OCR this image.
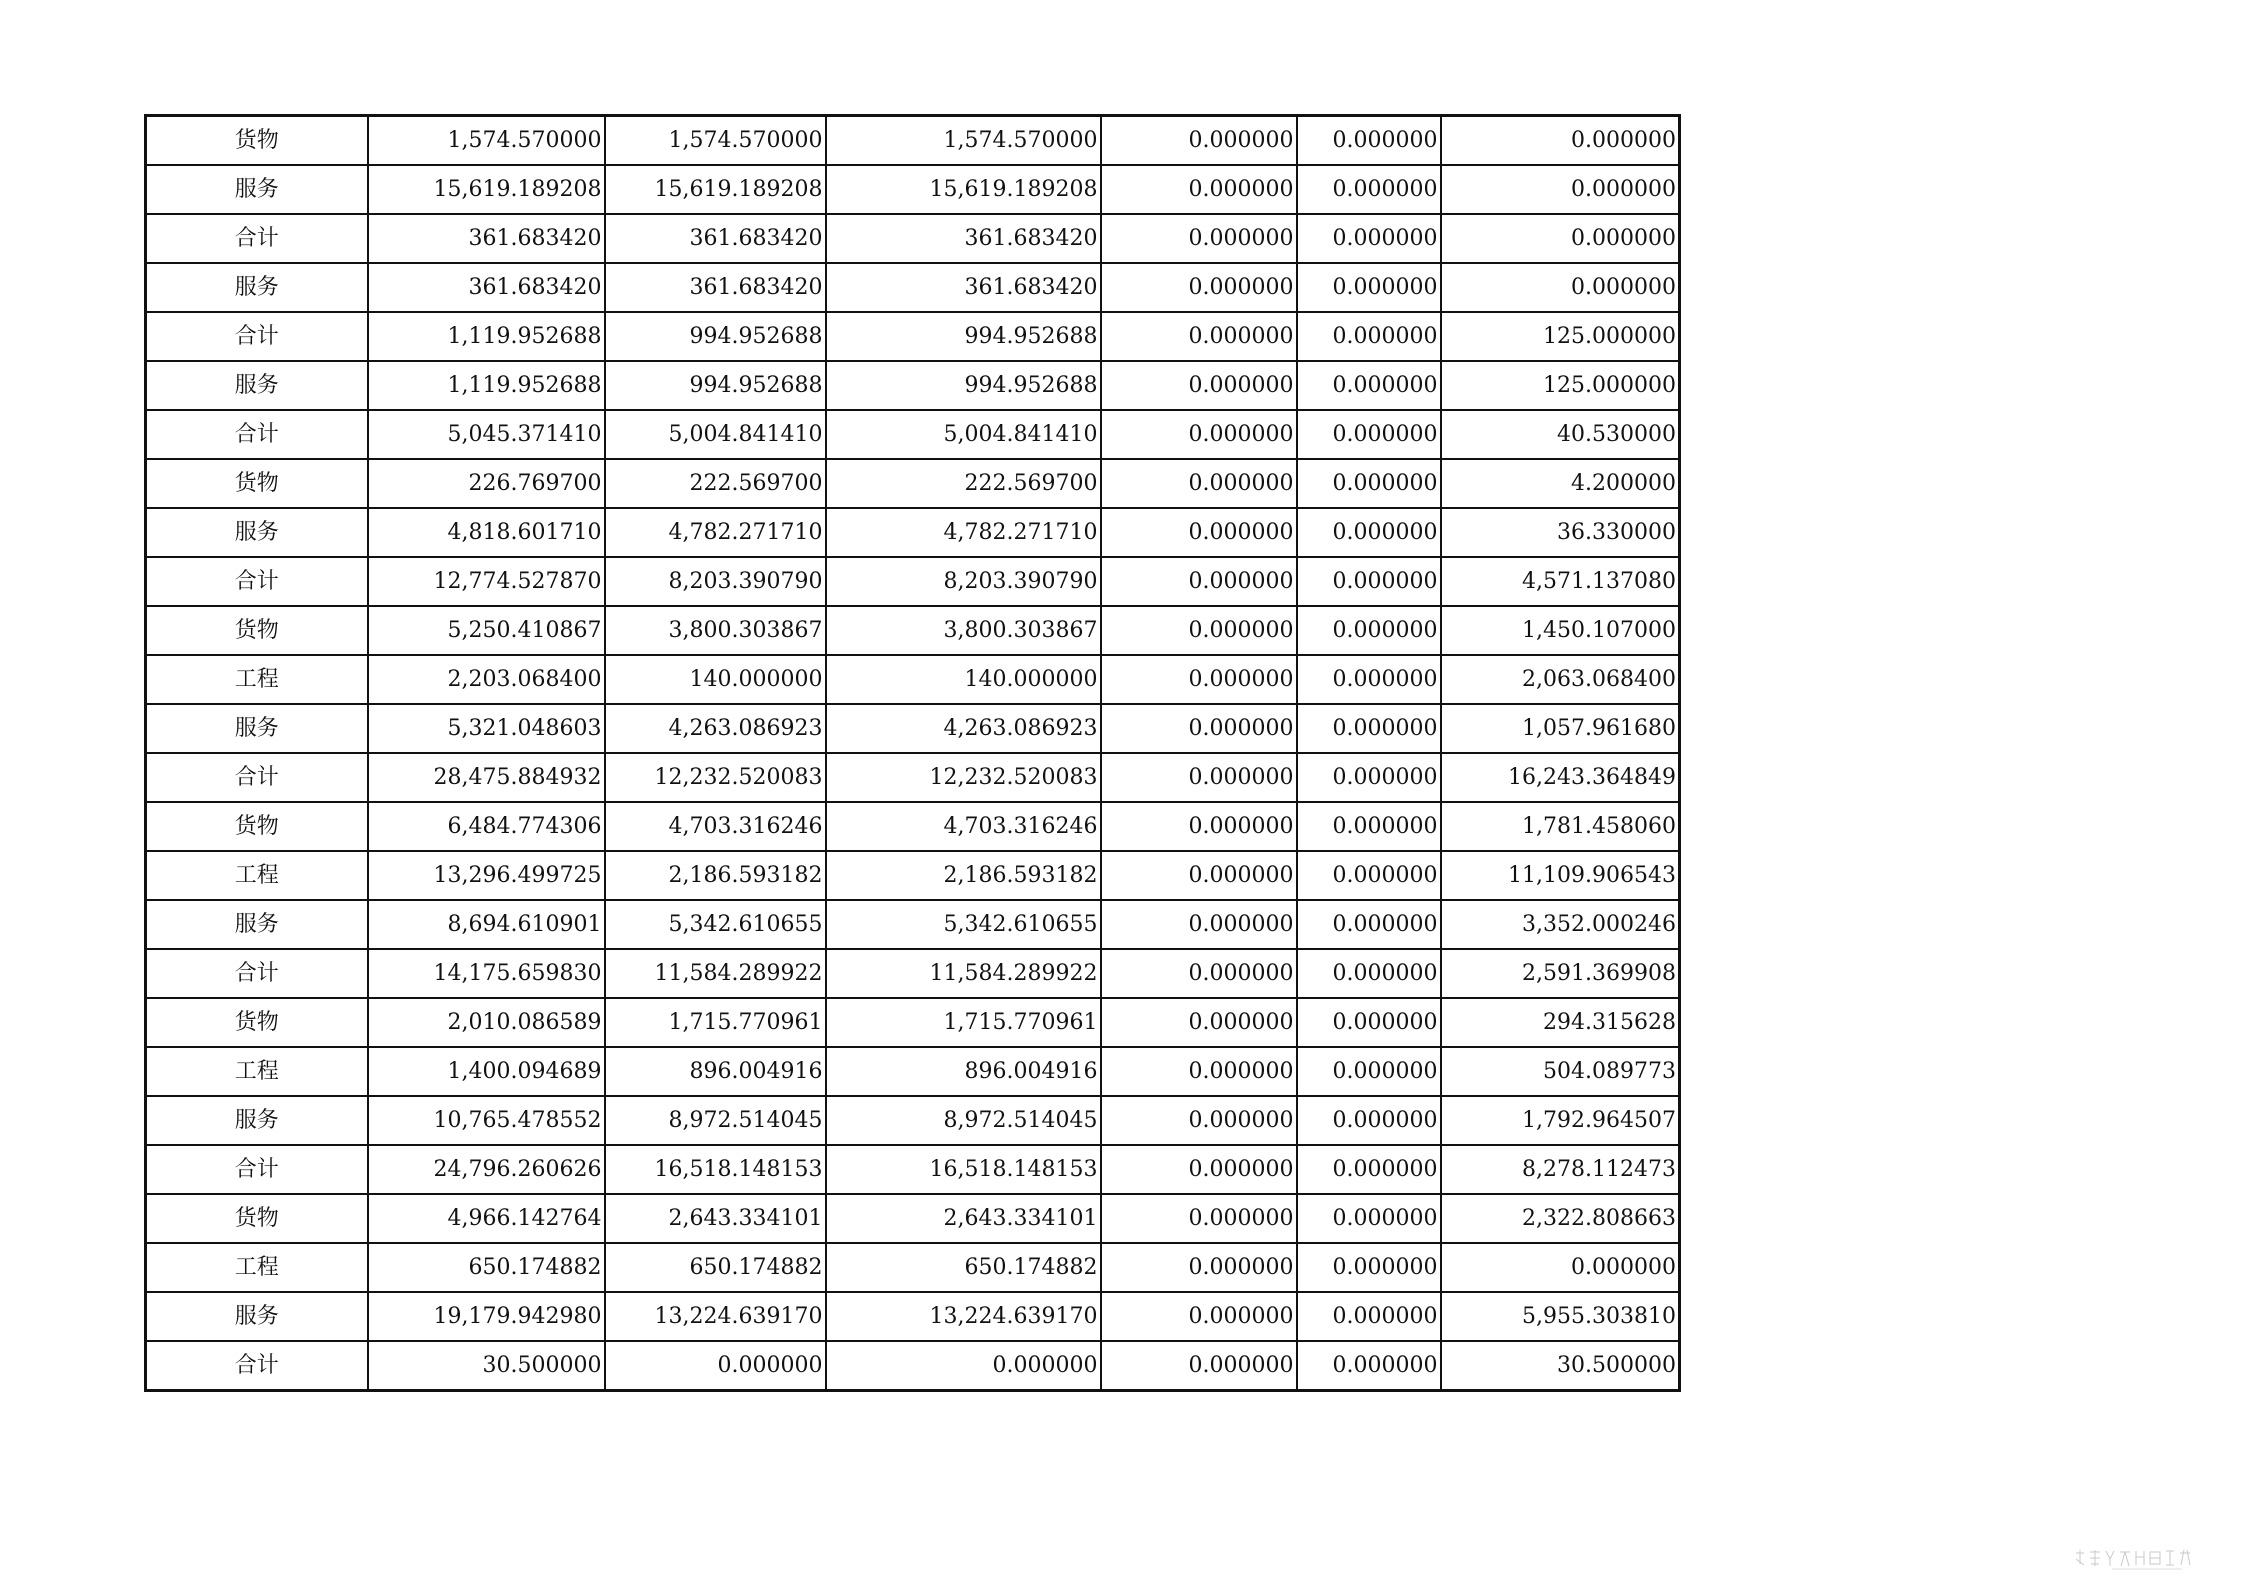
货物	1,574.570000	1,574.570000	1,574.570000	0.000000	0.000000	0.000000
服务	15,619.189208	15,619.189208	15,619.189208	0.000000	0.000000	0.000000
合计	361.683420	361.683420	361.683420	0.000000	0.000000	0.000000
服务	361.683420	361.683420	361.683420	0.000000	0.000000	0.000000
合计	1,119.952688	994.952688	994.952688	0.000000	0.000000	125.000000
服务	1,119.952688	994.952688	994.952688	0.000000	0.000000	125.000000
合计	5,045.371410	5,004.841410	5,004.841410	0.000000	0.000000	40.530000
货物	226.769700	222.569700	222.569700	0.000000	0.000000	4.200000
服务	4,818.601710	4,782.271710	4,782.271710	0.000000	0.000000	36.330000
合计	12,774.527870	8,203.390790	8,203.390790	0.000000	0.000000	4,571.137080
货物	5,250.410867	3,800.303867	3,800.303867	0.000000	0.000000	1,450.107000
工程	2,203.068400	140.000000	140.000000	0.000000	0.000000	2,063.068400
服务	5,321.048603	4,263.086923	4,263.086923	0.000000	0.000000	1,057.961680
合计	28,475.884932	12,232.520083	12,232.520083	0.000000	0.000000	16,243.364849
货物	6,484.774306	4,703.316246	4,703.316246	0.000000	0.000000	1,781.458060
工程	13,296.499725	2,186.593182	2,186.593182	0.000000	0.000000	11,109.906543
服务	8,694.610901	5,342.610655	5,342.610655	0.000000	0.000000	3,352.000246
合计	14,175.659830	11,584.289922	11,584.289922	0.000000	0.000000	2,591.369908
货物	2,010.086589	1,715.770961	1,715.770961	0.000000	0.000000	294.315628
工程	1,400.094689	896.004916	896.004916	0.000000	0.000000	504.089773
服务	10,765.478552	8,972.514045	8,972.514045	0.000000	0.000000	1,792.964507
合计	24,796.260626	16,518.148153	16,518.148153	0.000000	0.000000	8,278.112473
货物	4,966.142764	2,643.334101	2,643.334101	0.000000	0.000000	2,322.808663
工程	650.174882	650.174882	650.174882	0.000000	0.000000	0.000000
服务	19,179.942980	13,224.639170	13,224.639170	0.000000	0.000000	5,955.303810
合计	30.500000	0.000000	0.000000	0.000000	0.000000	30.500000
